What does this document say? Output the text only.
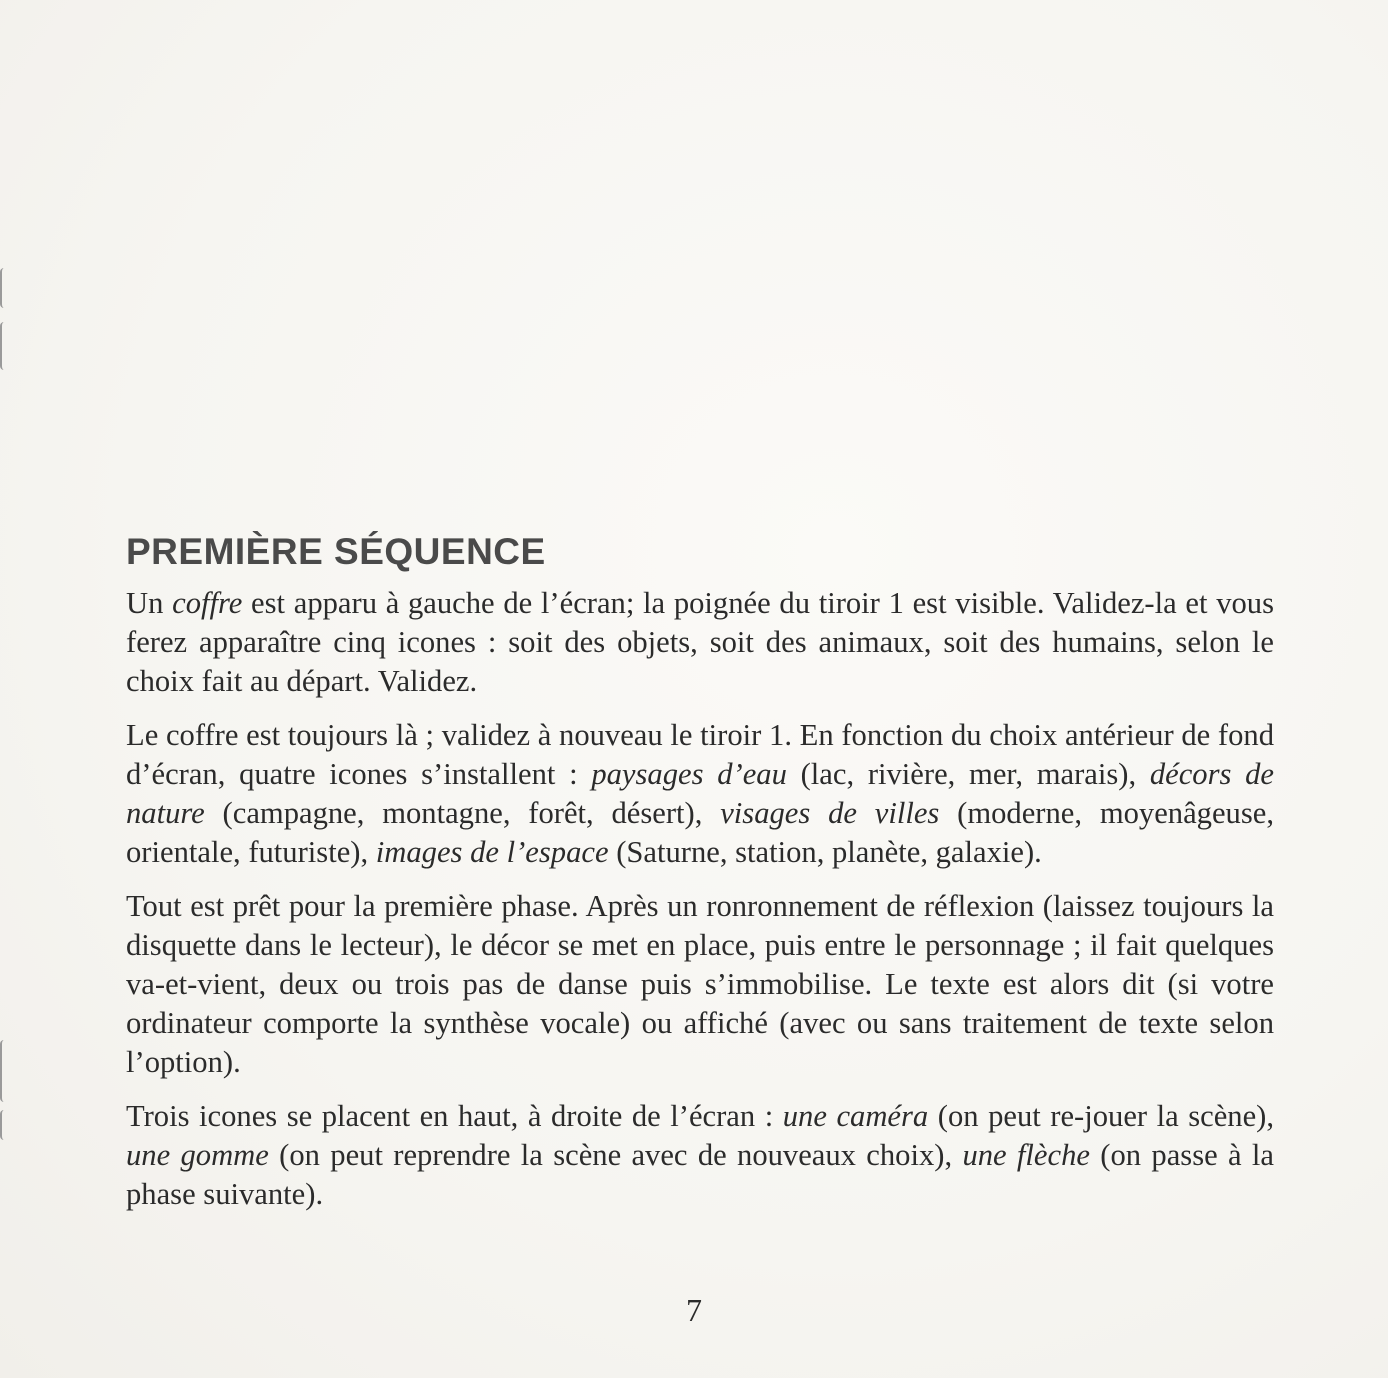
PREMIÈRE SÉQUENCE

Un coffre est apparu à gauche de l’écran; la poignée du tiroir 1 est visible. Validez-la et vous ferez apparaître cinq icones : soit des objets, soit des animaux, soit des humains, selon le choix fait au départ. Validez.

Le coffre est toujours là ; validez à nouveau le tiroir 1. En fonction du choix antérieur de fond d’écran, quatre icones s’installent : paysages d’eau (lac, rivière, mer, marais), décors de nature (campagne, montagne, forêt, désert), visages de villes (moderne, moyenâgeuse, orientale, futuriste), images de l’espace (Saturne, station, planète, galaxie).

Tout est prêt pour la première phase. Après un ronronnement de réflexion (laissez toujours la disquette dans le lecteur), le décor se met en place, puis entre le personnage ; il fait quelques va-et-vient, deux ou trois pas de danse puis s’immobilise. Le texte est alors dit (si votre ordinateur comporte la synthèse vocale) ou affiché (avec ou sans traitement de texte selon l’option).

Trois icones se placent en haut, à droite de l’écran : une caméra (on peut re-jouer la scène), une gomme (on peut reprendre la scène avec de nouveaux choix), une flèche (on passe à la phase suivante).

7
